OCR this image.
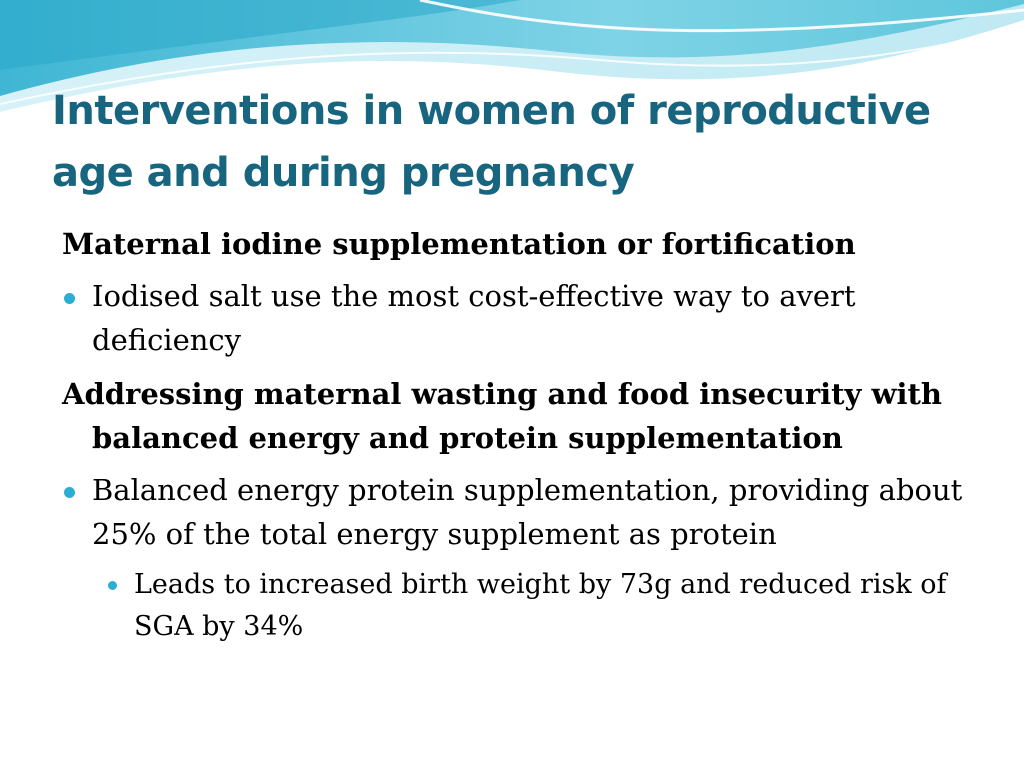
Interventions in women of reproductive age and during pregnancy
Maternal iodine supplementation or fortification
Iodised salt use the most cost-effective way to avert deficiency
Addressing maternal wasting and food insecurity with balanced energy and protein supplementation
Balanced energy protein supplementation, providing about 25% of the total energy supplement as protein
Leads to increased birth weight by 73g and reduced risk of SGA by 34%
